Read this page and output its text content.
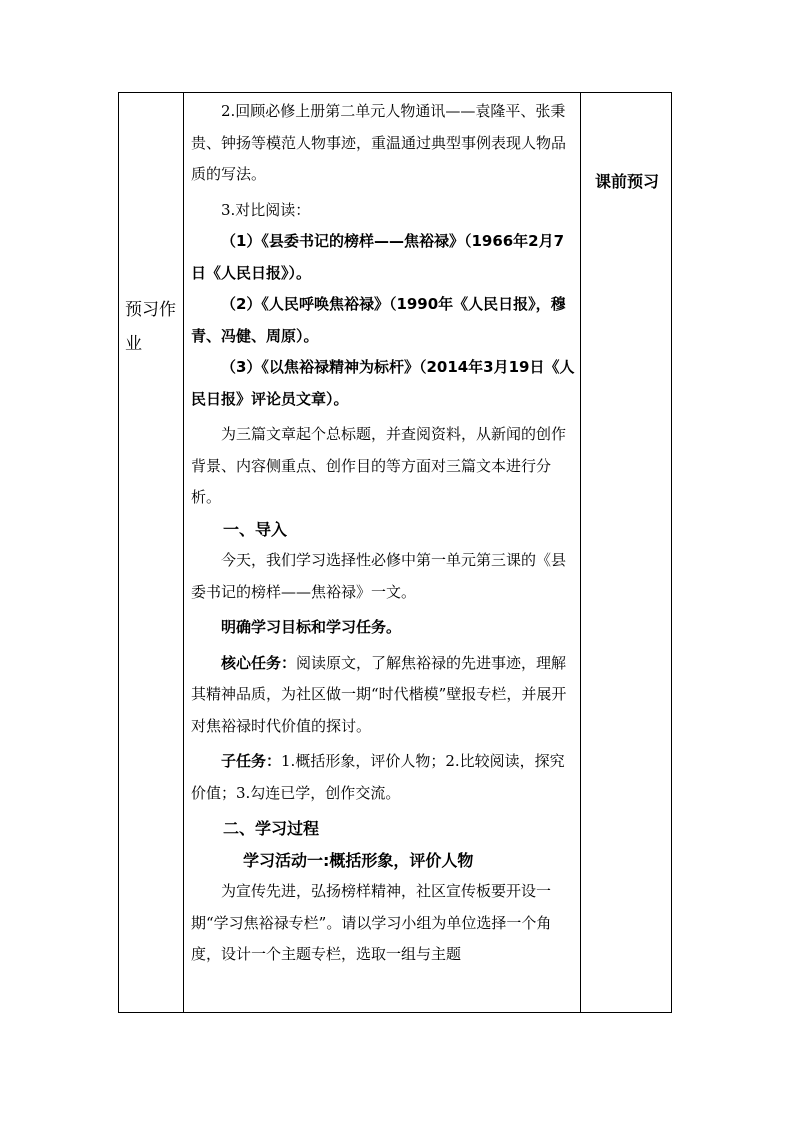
预习作业
课前预习

2.回顾必修上册第二单元人物通讯——袁隆平、张秉贵、钟扬等模范人物事迹，重温通过典型事例表现人物品质的写法。

3.对比阅读：

（1）《县委书记的榜样——焦裕禄》（1966年2月7日《人民日报》）。

（2）《人民呼唤焦裕禄》（1990年《人民日报》，穆青、冯健、周原）。

（3）《以焦裕禄精神为标杆》（2014年3月19日《人民日报》评论员文章）。

为三篇文章起个总标题，并查阅资料，从新闻的创作背景、内容侧重点、创作目的等方面对三篇文本进行分析。

一、导入

今天，我们学习选择性必修中第一单元第三课的《县委书记的榜样——焦裕禄》一文。

明确学习目标和学习任务。

核心任务：阅读原文，了解焦裕禄的先进事迹，理解其精神品质，为社区做一期“时代楷模”壁报专栏，并展开对焦裕禄时代价值的探讨。

子任务：1.概括形象，评价人物；2.比较阅读，探究价值；3.勾连已学，创作交流。

二、学习过程

学习活动一:概括形象，评价人物

为宣传先进，弘扬榜样精神，社区宣传板要开设一期“学习焦裕禄专栏”。请以学习小组为单位选择一个角度，设计一个主题专栏，选取一组与主题
